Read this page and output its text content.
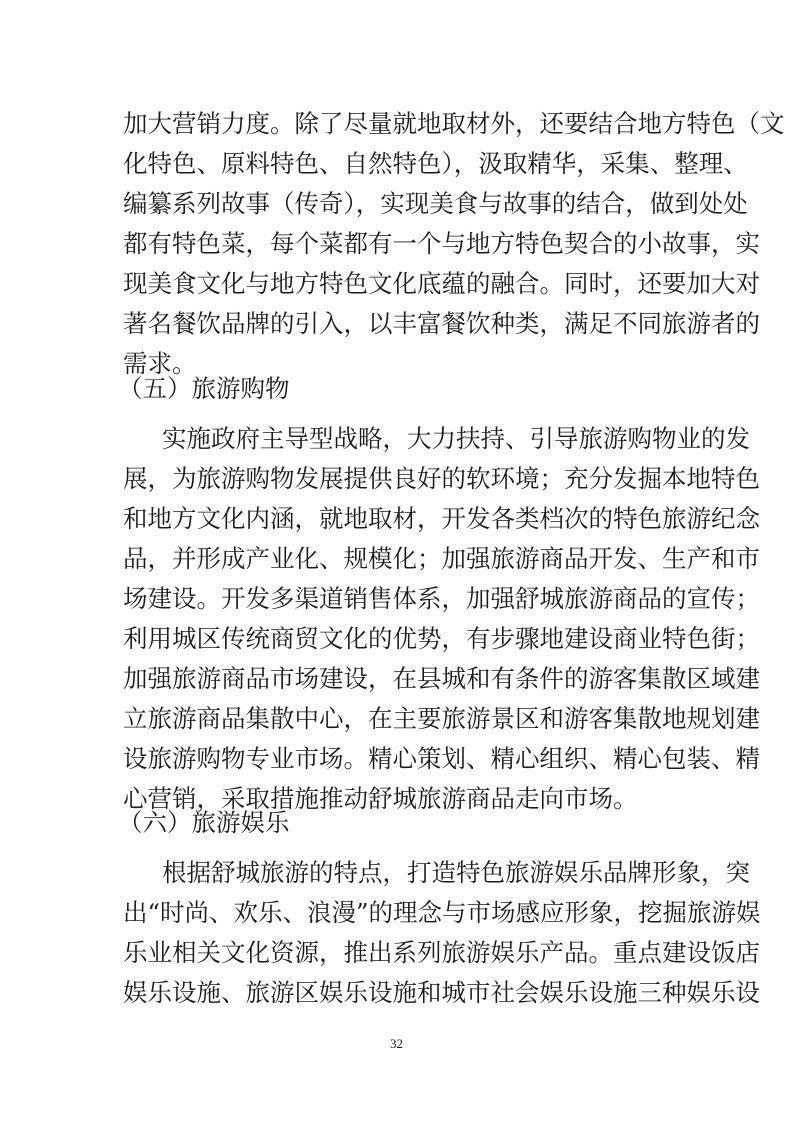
加大营销力度。除了尽量就地取材外，还要结合地方特色（文
化特色、原料特色、自然特色），汲取精华，采集、整理、
编纂系列故事（传奇），实现美食与故事的结合，做到处处
都有特色菜，每个菜都有一个与地方特色契合的小故事，实
现美食文化与地方特色文化底蕴的融合。同时，还要加大对
著名餐饮品牌的引入，以丰富餐饮种类，满足不同旅游者的
需求。
（五）旅游购物
实施政府主导型战略，大力扶持、引导旅游购物业的发
展，为旅游购物发展提供良好的软环境；充分发掘本地特色
和地方文化内涵，就地取材，开发各类档次的特色旅游纪念
品，并形成产业化、规模化；加强旅游商品开发、生产和市
场建设。开发多渠道销售体系，加强舒城旅游商品的宣传；
利用城区传统商贸文化的优势，有步骤地建设商业特色街；
加强旅游商品市场建设，在县城和有条件的游客集散区域建
立旅游商品集散中心，在主要旅游景区和游客集散地规划建
设旅游购物专业市场。精心策划、精心组织、精心包装、精
心营销，采取措施推动舒城旅游商品走向市场。
（六）旅游娱乐
根据舒城旅游的特点，打造特色旅游娱乐品牌形象，突
出“时尚、欢乐、浪漫”的理念与市场感应形象，挖掘旅游娱
乐业相关文化资源，推出系列旅游娱乐产品。重点建设饭店
娱乐设施、旅游区娱乐设施和城市社会娱乐设施三种娱乐设
32
